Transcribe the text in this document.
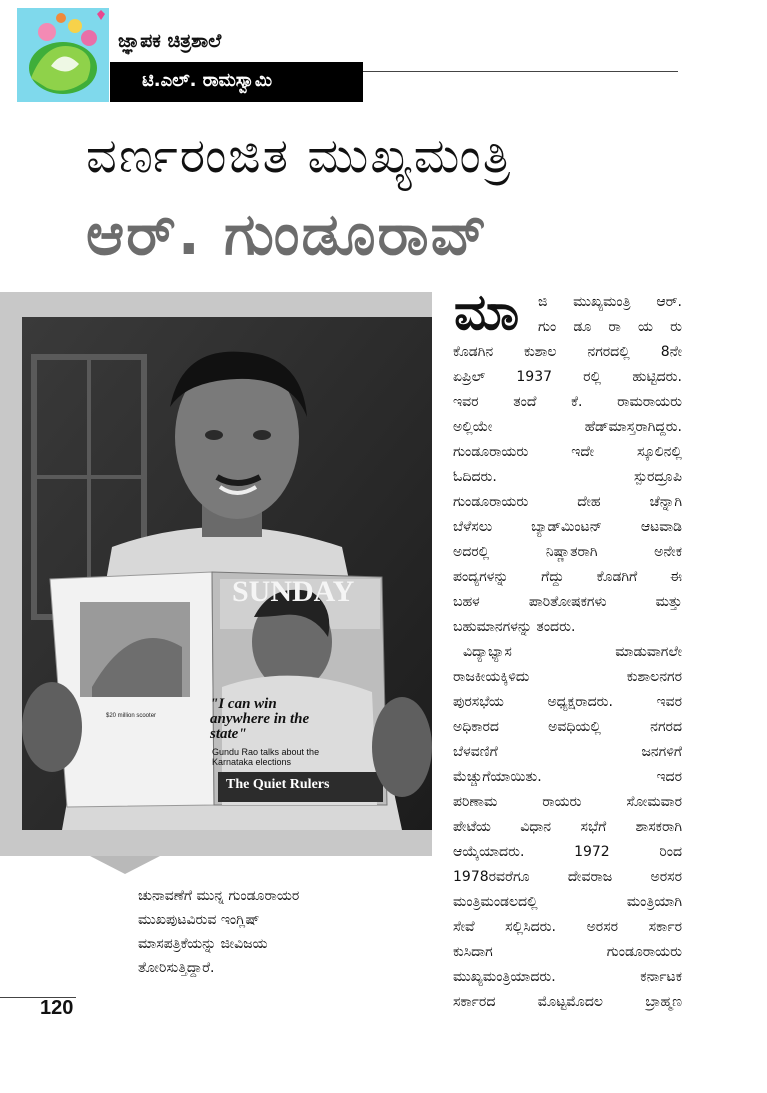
ಜ್ಞಾಪಕ ಚಿತ್ರಶಾಲೆ
ಟಿ.ಎಲ್. ರಾಮಸ್ವಾಮಿ
ವರ್ಣರಂಜಿತ ಮುಖ್ಯಮಂತ್ರಿ
ಆರ್. ಗುಂಡೂರಾವ್
SUNDAY
"I can win anywhere in the state"
Gundu Rao talks about the Karnataka elections
The Quiet Rulers
$20 million scooter
ಚುನಾವಣೆಗೆ ಮುನ್ನ ಗುಂಡೂರಾಯರ
ಮುಖಪುಟವಿರುವ ಇಂಗ್ಲಿಷ್
ಮಾಸಪತ್ರಿಕೆಯನ್ನು ಜೀವಿಜಯ
ತೋರಿಸುತ್ತಿದ್ದಾರೆ.
ಮಾ ಜಿ ಮುಖ್ಯಮಂತ್ರಿ ಆರ್.
ಗುಂ ಡೂ ರಾ ಯ ರು
ಕೊಡಗಿನ ಕುಶಾಲ ನಗರದಲ್ಲಿ 8ನೇ
ಏಪ್ರಿಲ್ 1937 ರಲ್ಲಿ ಹುಟ್ಟಿದರು.
ಇವರ ತಂದೆ ಕೆ. ರಾಮರಾಯರು
ಅಲ್ಲಿಯೇ ಹೆಡ್‌ಮಾಸ್ತರಾಗಿದ್ದರು.
ಗುಂಡೂರಾಯರು ಇದೇ ಸ್ಕೂಲಿನಲ್ಲಿ
ಓದಿದರು. ಸ್ಪುರದ್ರೂಪಿ
ಗುಂಡೂರಾಯರು ದೇಹ ಚೆನ್ನಾಗಿ
ಬೆಳೆಸಲು ಬ್ಯಾಡ್‌ಮಿಂಟನ್ ಆಟವಾಡಿ
ಅದರಲ್ಲಿ ನಿಷ್ಣಾತರಾಗಿ ಅನೇಕ
ಪಂದ್ಯಗಳನ್ನು ಗೆದ್ದು ಕೊಡಗಿಗೆ ಈ
ಬಹಳ ಪಾರಿತೋಷಕಗಳು ಮತ್ತು
ಬಹುಮಾನಗಳನ್ನು ತಂದರು.
ವಿದ್ಯಾಭ್ಯಾಸ ಮಾಡುವಾಗಲೇ
ರಾಜಕೀಯಕ್ಕಿಳಿದು ಕುಶಾಲನಗರ
ಪುರಸಭೆಯ ಅಧ್ಯಕ್ಷರಾದರು. ಇವರ
ಅಧಿಕಾರದ ಅವಧಿಯಲ್ಲಿ ನಗರದ
ಬೆಳವಣಿಗೆ ಜನಗಳಿಗೆ
ಮೆಚ್ಚುಗೆಯಾಯಿತು. ಇದರ
ಪರಿಣಾಮ ರಾಯರು ಸೋಮವಾರ
ಪೇಟೆಯ ವಿಧಾನ ಸಭೆಗೆ ಶಾಸಕರಾಗಿ
ಆಯ್ಕೆಯಾದರು. 1972 ರಿಂದ
1978ರವರೆಗೂ ದೇವರಾಜ ಅರಸರ
ಮಂತ್ರಿಮಂಡಲದಲ್ಲಿ ಮಂತ್ರಿಯಾಗಿ
ಸೇವೆ ಸಲ್ಲಿಸಿದರು. ಅರಸರ ಸರ್ಕಾರ
ಕುಸಿದಾಗ ಗುಂಡೂರಾಯರು
ಮುಖ್ಯಮಂತ್ರಿಯಾದರು. ಕರ್ನಾಟಕ
ಸರ್ಕಾರದ ಮೊಟ್ಟಮೊದಲ ಬ್ರಾಹ್ಮಣ
120
